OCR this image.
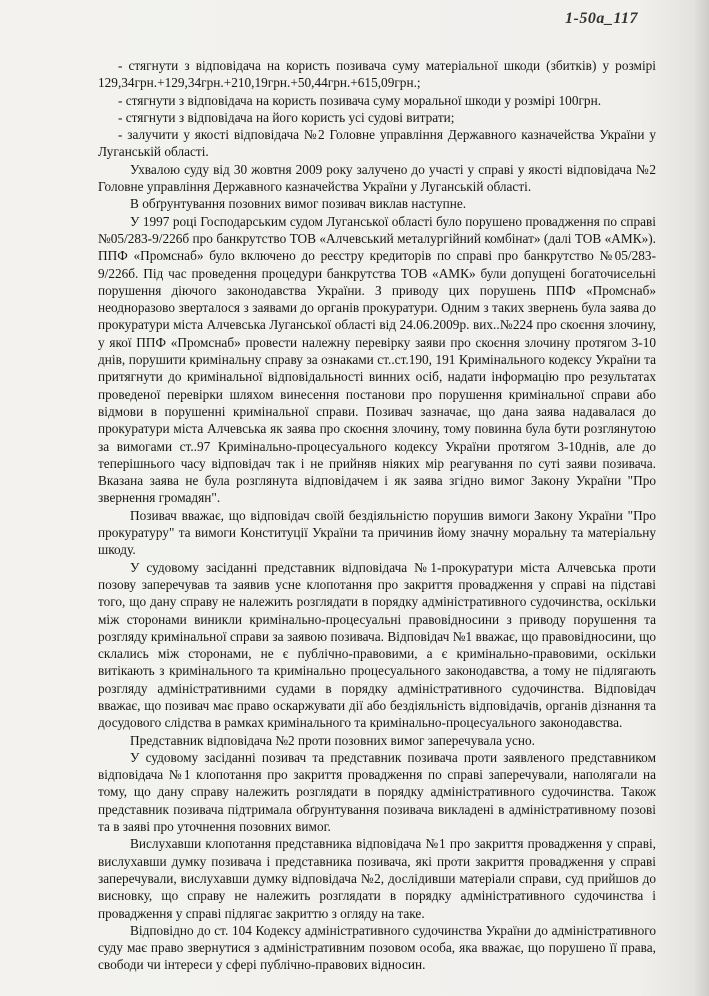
1-50а_117

- стягнути з відповідача на користь позивача суму матеріальної шкоди (збитків) у розмірі 129,34грн.+129,34грн.+210,19грн.+50,44грн.+615,09грн.;

- стягнути з відповідача на користь позивача суму моральної шкоди у розмірі 100грн.

- стягнути з відповідача на його користь усі судові витрати;

- залучити у якості відповідача №2 Головне управління Державного казначейства України у Луганській області.

Ухвалою суду від 30 жовтня 2009 року залучено до участі у справі у якості відповідача №2 Головне управління Державного казначейства України у Луганській області.

В обґрунтування позовних вимог позивач виклав наступне.

У 1997 році Господарським судом Луганської області було порушено провадження по справі №05/283-9/226б про банкрутство ТОВ «Алчевський металургійний комбінат» (далі ТОВ «АМК»). ППФ «Промснаб» було включено до реєстру кредиторів по справі про банкрутство №05/283-9/226б. Під час проведення процедури банкрутства ТОВ «АМК» були допущені богаточисельні порушення діючого законодавства України. З приводу цих порушень ППФ «Промснаб» неодноразово зверталося з заявами до органів прокуратури. Одним з таких звернень була заява до прокуратури міста Алчевська Луганської області від 24.06.2009р. вих..№224 про скоєння злочину, у якої ППФ «Промснаб» провести належну перевірку заяви про скоєння злочину протягом 3-10 днів, порушити кримінальну справу за ознаками ст..ст.190, 191 Кримінального кодексу України та притягнути до кримінальної відповідальності винних осіб, надати інформацію про результатах проведеної перевірки шляхом винесення постанови про порушення кримінальної справи або відмови в порушенні кримінальної справи. Позивач зазначає, що дана заява надавалася до прокуратури міста Алчевська як заява про скоєння злочину, тому повинна була бути розглянутою за вимогами ст..97 Кримінально-процесуального кодексу України протягом 3-10днів, але до теперішнього часу відповідач так і не прийняв ніяких мір реагування по суті заяви позивача. Вказана заява не була розглянута відповідачем і як заява згідно вимог Закону України "Про звернення громадян".

Позивач вважає, що відповідач своїй бездіяльністю порушив вимоги Закону України "Про прокуратуру" та вимоги Конституції України та причинив йому значну моральну та матеріальну шкоду.

У судовому засіданні представник відповідача №1-прокуратури міста Алчевська проти позову заперечував та заявив усне клопотання про закриття провадження у справі на підставі того, що дану справу не належить розглядати в порядку адміністративного судочинства, оскільки між сторонами виникли кримінально-процесуальні правовідносини з приводу порушення та розгляду кримінальної справи за заявою позивача. Відповідач №1 вважає, що правовідносини, що склались між сторонами, не є публічно-правовими, а є кримінально-правовими, оскільки витікають з кримінального та кримінально процесуального законодавства, а тому не підлягають розгляду адміністративними судами в порядку адміністративного судочинства. Відповідач вважає, що позивач має право оскаржувати дії або бездіяльність відповідачів, органів дізнання та досудового слідства в рамках кримінального та кримінально-процесуального законодавства.

Представник відповідача №2 проти позовних вимог заперечувала усно.

У судовому засіданні позивач та представник позивача проти заявленого представником відповідача №1 клопотання про закриття провадження по справі заперечували, наполягали на тому, що дану справу належить розглядати в порядку адміністративного судочинства. Також представник позивача підтримала обґрунтування позивача викладені в адміністративному позові та в заяві про уточнення позовних вимог.

Вислухавши клопотання представника відповідача №1 про закриття провадження у справі, вислухавши думку позивача і представника позивача, які проти закриття провадження у справі заперечували, вислухавши думку відповідача №2, дослідивши матеріали справи, суд прийшов до висновку, що справу не належить розглядати в порядку адміністративного судочинства і провадження у справі підлягає закриттю з огляду на таке.

Відповідно до ст. 104 Кодексу адміністративного судочинства України до адміністративного суду має право звернутися з адміністративним позовом особа, яка вважає, що порушено її права, свободи чи інтереси у сфері публічно-правових відносин.
